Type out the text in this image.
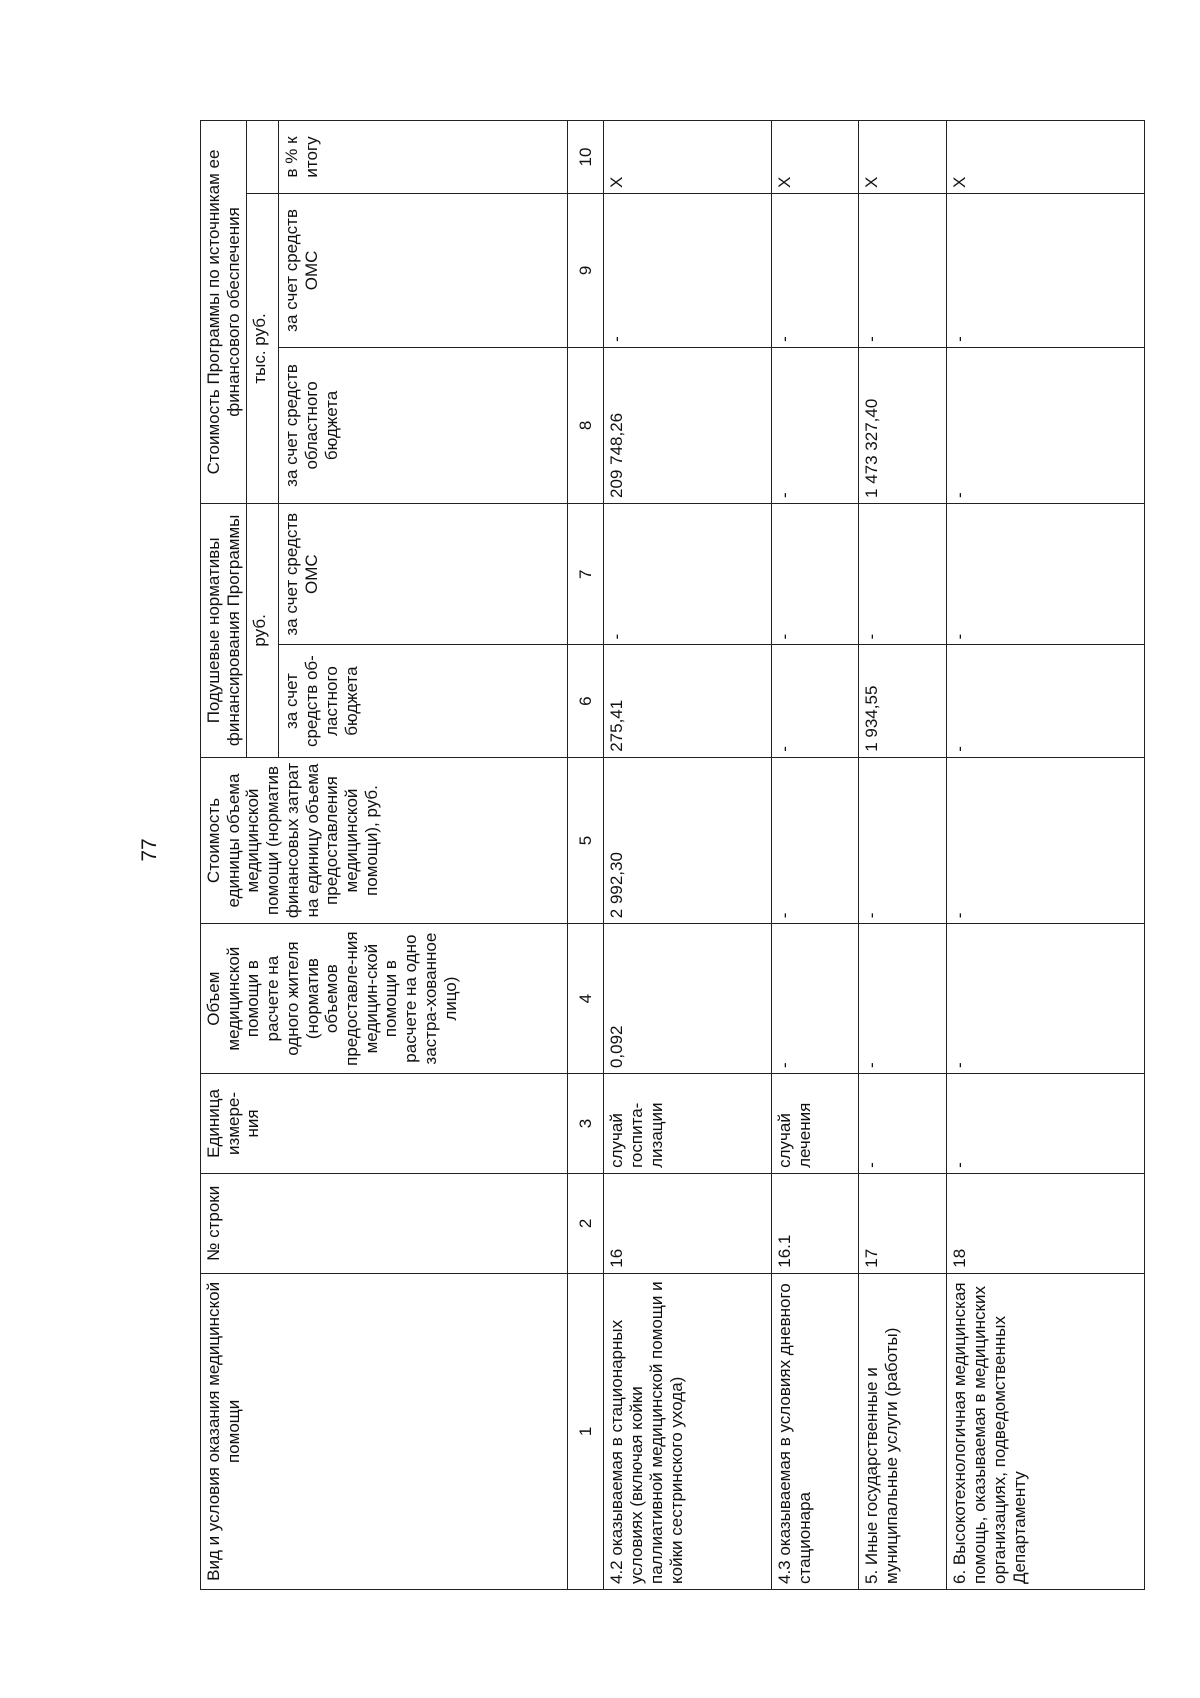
77
Вид и условия оказания медицинской помощи	№ строки	Единица измере-ния	Объем медицинской помощи в расчете на одного жителя (норматив объемов предоставле-ния медицин-ской помощи в расчете на одно застра-хованное лицо)	Стоимость единицы объема медицинской помощи (норматив финансовых затрат на единицу объема предоставления медицинской помощи), руб.	Подушевые нормативы финансирования Программы		Стоимость Программы по источникам ее финансового обеспечения		
					руб.		тыс. руб.		
					за счет средств об-ластного бюджета	за счет средств ОМС	за счет средств областного бюджета	за счет средств ОМС	в % к итогу
1	2	3	4	5	6	7	8	9	10
4.2 оказываемая в стационарных условиях (включая койки паллиативной медицинской помощи и койки сестринского ухода)	16	случай госпита-лизации	0,092	2 992,30	275,41	-	209 748,26	-	X
4.3 оказываемая в условиях дневного стационара	16.1	случай лечения	-	-	-	-	-	-	X
5. Иные государственные и муниципальные услуги (работы)	17	-	-	-	1 934,55	-	1 473 327,40	-	X
6. Высокотехнологичная медицинская помощь, оказываемая в медицинских организациях, подведомственных Департаменту	18	-	-	-	-	-	-	-	X
